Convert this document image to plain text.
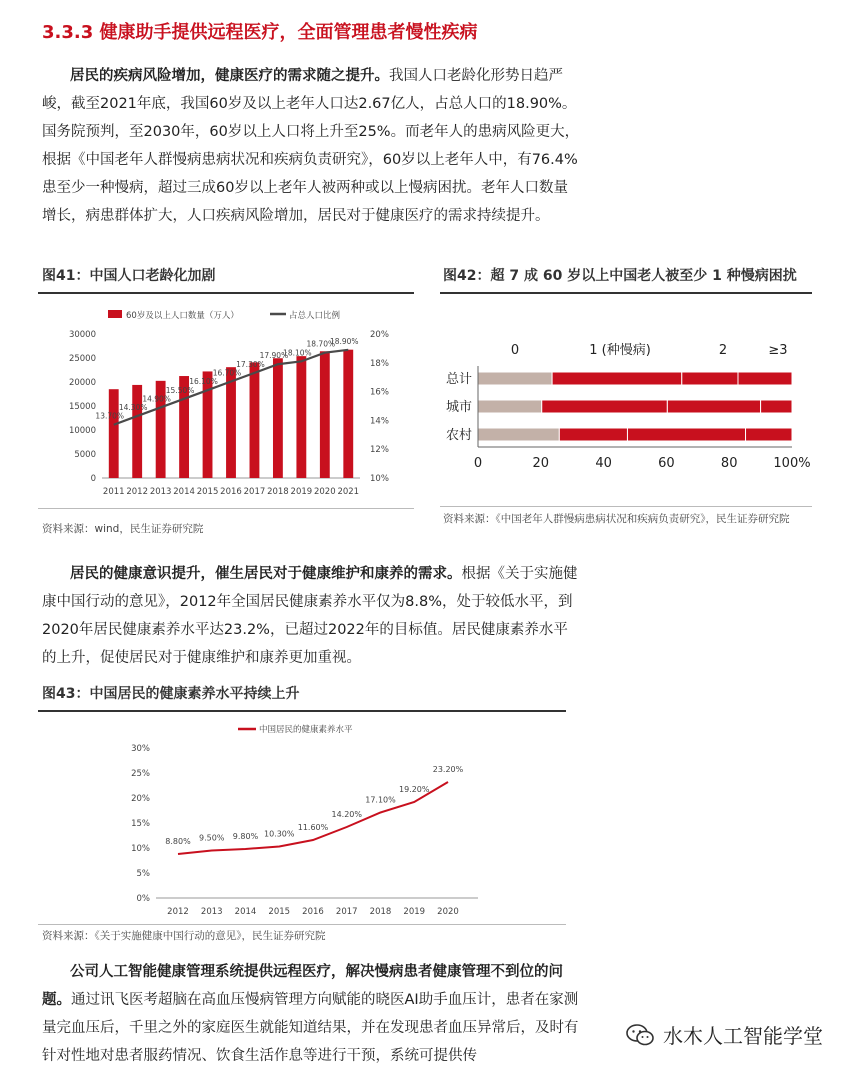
3.3.3 健康助手提供远程医疗，全面管理患者慢性疾病
居民的疾病风险增加，健康医疗的需求随之提升。我国人口老龄化形势日趋严峻，截至2021年底，我国60岁及以上老年人口达2.67亿人，占总人口的18.90%。国务院预判，至2030年，60岁以上人口将上升至25%。而老年人的患病风险更大，根据《中国老年人群慢病患病状况和疾病负责研究》，60岁以上老年人中，有76.4%患至少一种慢病，超过三成60岁以上老年人被两种或以上慢病困扰。老年人口数量增长，病患群体扩大，人口疾病风险增加，居民对于健康医疗的需求持续提升。
图41：中国人口老龄化加剧
60岁及以上人口数量（万人）	占总人口比例
0
5000
10000
15000
20000
25000
30000
10%
12%
14%
16%
18%
20%
2011 2012 2013 2014 2015 2016 2017 2018 2019 2020 2021
13.70%
14.30%
14.90%
15.50%
16.10%
16.70%
17.30%
17.90%
18.10%
18.70%
18.90%
资料来源：wind，民生证券研究院
图42：超 7 成 60 岁以上中国老人被至少 1 种慢病困扰
0	1 (种慢病)	2	≥3
总计
城市
农村
0	20	40	60	80	100%
资料来源：《中国老年人群慢病患病状况和疾病负责研究》，民生证券研究院
居民的健康意识提升，催生居民对于健康维护和康养的需求。根据《关于实施健康中国行动的意见》，2012年全国居民健康素养水平仅为8.8%，处于较低水平，到2020年居民健康素养水平达23.2%，已超过2022年的目标值。居民健康素养水平的上升，促使居民对于健康维护和康养更加重视。
图43：中国居民的健康素养水平持续上升
中国居民的健康素养水平
0%
5%
10%
15%
20%
25%
30%
2012 2013 2014 2015 2016 2017 2018 2019 2020
8.80% 9.50% 9.80% 10.30%
11.60%
14.20%
17.10%
19.20%
23.20%
资料来源：《关于实施健康中国行动的意见》，民生证券研究院
公司人工智能健康管理系统提供远程医疗，解决慢病患者健康管理不到位的问题。通过讯飞医考超脑在高血压慢病管理方向赋能的晓医AI助手血压计，患者在家测量完血压后，千里之外的家庭医生就能知道结果，并在发现患者血压异常后，及时有针对性地对患者服药情况、饮食生活作息等进行干预，系统可提供传
水木人工智能学堂
